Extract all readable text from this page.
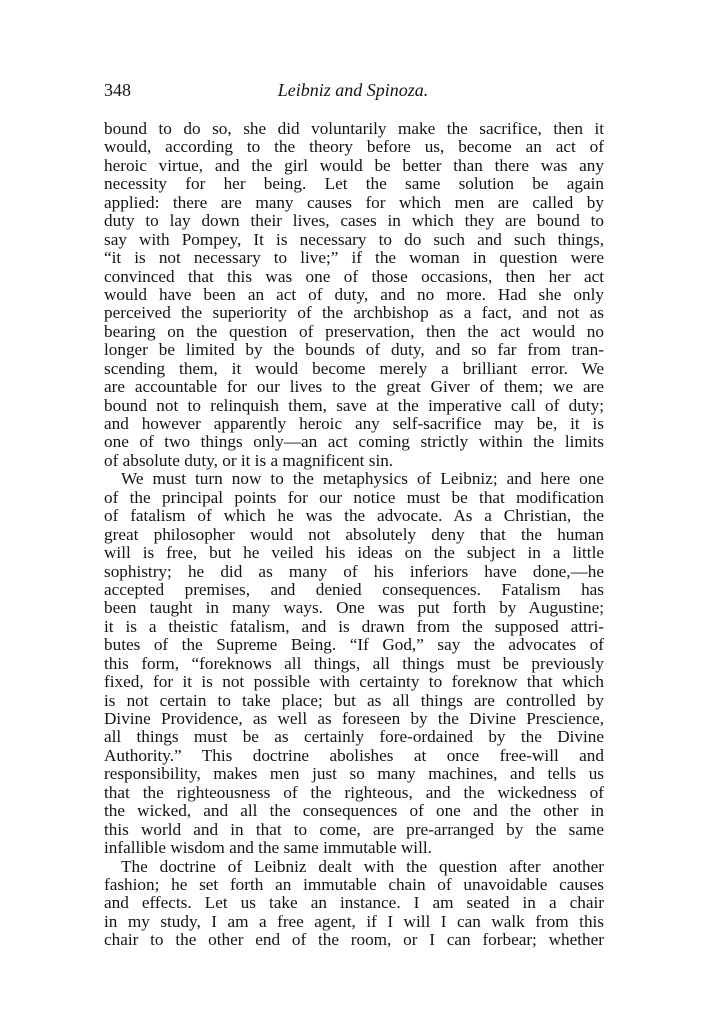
348	Leibniz and Spinoza.
bound to do so, she did voluntarily make the sacrifice, then it
would, according to the theory before us, become an act of
heroic virtue, and the girl would be better than there was any
necessity for her being. Let the same solution be again
applied: there are many causes for which men are called by
duty to lay down their lives, cases in which they are bound to
say with Pompey, It is necessary to do such and such things,
“it is not necessary to live;” if the woman in question were
convinced that this was one of those occasions, then her act
would have been an act of duty, and no more. Had she only
perceived the superiority of the archbishop as a fact, and not as
bearing on the question of preservation, then the act would no
longer be limited by the bounds of duty, and so far from tran-
scending them, it would become merely a brilliant error. We
are accountable for our lives to the great Giver of them; we are
bound not to relinquish them, save at the imperative call of duty;
and however apparently heroic any self-sacrifice may be, it is
one of two things only—an act coming strictly within the limits
of absolute duty, or it is a magnificent sin.
We must turn now to the metaphysics of Leibniz; and here one
of the principal points for our notice must be that modification
of fatalism of which he was the advocate. As a Christian, the
great philosopher would not absolutely deny that the human
will is free, but he veiled his ideas on the subject in a little
sophistry; he did as many of his inferiors have done,—he
accepted premises, and denied consequences. Fatalism has
been taught in many ways. One was put forth by Augustine;
it is a theistic fatalism, and is drawn from the supposed attri-
butes of the Supreme Being. “If God,” say the advocates of
this form, “foreknows all things, all things must be previously
fixed, for it is not possible with certainty to foreknow that which
is not certain to take place; but as all things are controlled by
Divine Providence, as well as foreseen by the Divine Prescience,
all things must be as certainly fore-ordained by the Divine
Authority.” This doctrine abolishes at once free-will and
responsibility, makes men just so many machines, and tells us
that the righteousness of the righteous, and the wickedness of
the wicked, and all the consequences of one and the other in
this world and in that to come, are pre-arranged by the same
infallible wisdom and the same immutable will.
The doctrine of Leibniz dealt with the question after another
fashion; he set forth an immutable chain of unavoidable causes
and effects. Let us take an instance. I am seated in a chair
in my study, I am a free agent, if I will I can walk from this
chair to the other end of the room, or I can forbear; whether
